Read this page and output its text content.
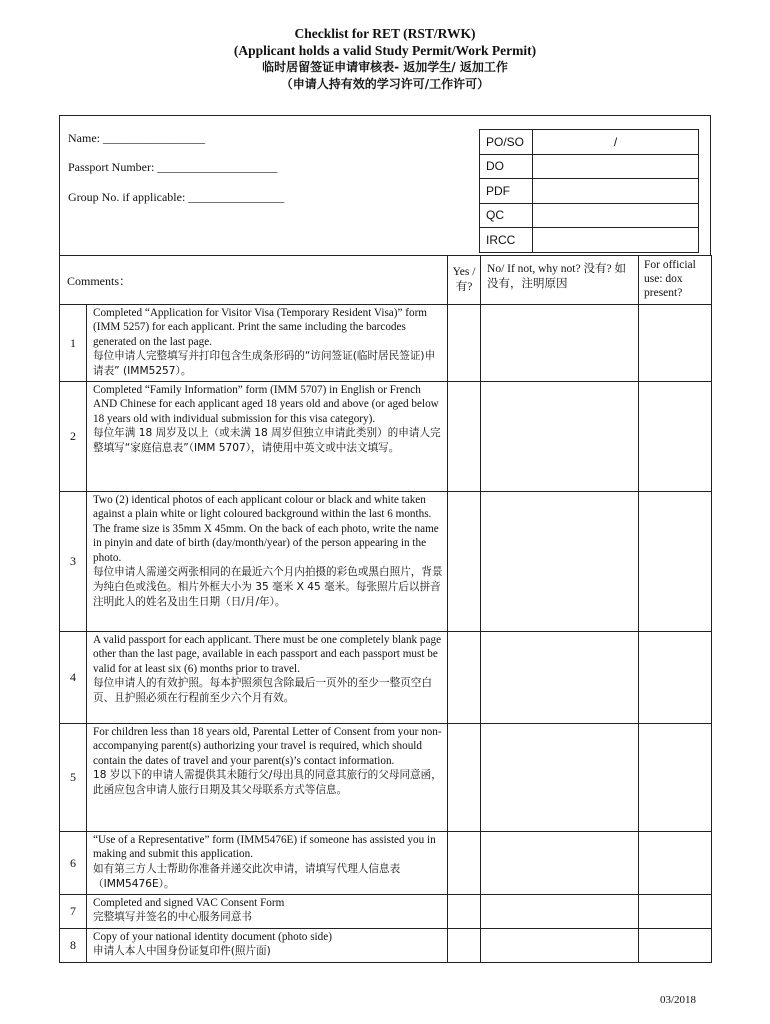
Checklist for RET (RST/RWK)
(Applicant holds a valid Study Permit/Work Permit)
临时居留签证申请审核表- 返加学生/ 返加工作
（申请人持有效的学习许可/工作许可）
Name: _________________
Passport Number: ____________________
Group No. if applicable: ________________
PO/SO	/
DO	
PDF	
QC	
IRCC	
Comments：		Yes /有?	No/ If not, why not? 没有? 如没有，注明原因	For official use: dox present?
1	Completed “Application for Visitor Visa (Temporary Resident Visa)” form (IMM 5257) for each applicant. Print the same including the barcodes generated on the last page.
每位申请人完整填写并打印包含生成条形码的“访问签证(临时居民签证)申请表” (IMM5257）。			

2	Completed “Family Information” form (IMM 5707) in English or French AND Chinese for each applicant aged 18 years old and above (or aged below 18 years old with individual submission for this visa category).
每位年满 18 周岁及以上（或未满 18 周岁但独立申请此类别）的申请人完整填写“家庭信息表”（IMM 5707），请使用中英文或中法文填写。			

3	Two (2) identical photos of each applicant colour or black and white taken against a plain white or light coloured background within the last 6 months. The frame size is 35mm X 45mm. On the back of each photo, write the name in pinyin and date of birth (day/month/year) of the person appearing in the photo.
每位申请人需递交两张相同的在最近六个月内拍摄的彩色或黑白照片，背景为纯白色或浅色。相片外框大小为 35 毫米 X 45 毫米。每张照片后以拼音注明此人的姓名及出生日期（日/月/年）。			

4	A valid passport for each applicant. There must be one completely blank page other than the last page, available in each passport and each passport must be valid for at least six (6) months prior to travel.
每位申请人的有效护照。每本护照须包含除最后一页外的至少一整页空白页、且护照必须在行程前至少六个月有效。			

5	For children less than 18 years old, Parental Letter of Consent from your non-accompanying parent(s) authorizing your travel is required, which should contain the dates of travel and your parent(s)’s contact information.
18 岁以下的申请人需提供其未随行父/母出具的同意其旅行的父母同意函，此函应包含申请人旅行日期及其父母联系方式等信息。			

6	“Use of a Representative” form (IMM5476E) if someone has assisted you in making and submit this application.
如有第三方人士帮助你准备并递交此次申请，请填写代理人信息表（IMM5476E）。			

7	Completed and signed VAC Consent Form
完整填写并签名的中心服务同意书			

8	Copy of your national identity document (photo side)
申请人本人中国身份证复印件(照片面)			

03/2018
